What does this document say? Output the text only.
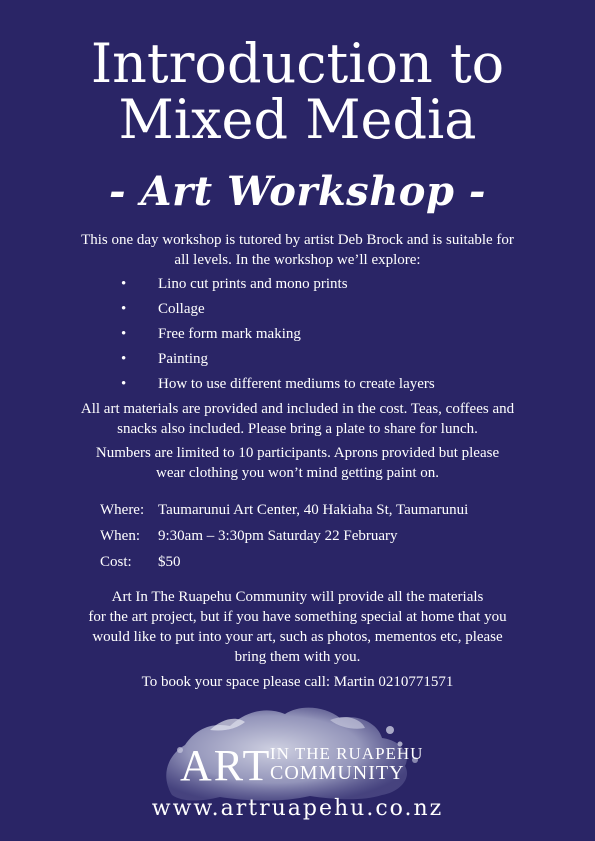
Introduction to
Mixed Media
- Art Workshop -
This one day workshop is tutored by artist Deb Brock and is suitable for
all levels. In the workshop we’ll explore:
• Lino cut prints and mono prints
• Collage
• Free form mark making
• Painting
• How to use different mediums to create layers
All art materials are provided and included in the cost. Teas, coffees and
snacks also included. Please bring a plate to share for lunch.
Numbers are limited to 10 participants. Aprons provided but please
wear clothing you won’t mind getting paint on.
Where: Taumarunui Art Center, 40 Hakiaha St, Taumarunui
When:	9:30am – 3:30pm Saturday 22 February
Cost:	$50
Art In The Ruapehu Community will provide all the materials
for the art project, but if you have something special at home that you
would like to put into your art, such as photos, mementos etc, please
bring them with you.
To book your space please call: Martin 0210771571
ART
IN THE RUAPEHU
COMMUNITY
www.artruapehu.co.nz
